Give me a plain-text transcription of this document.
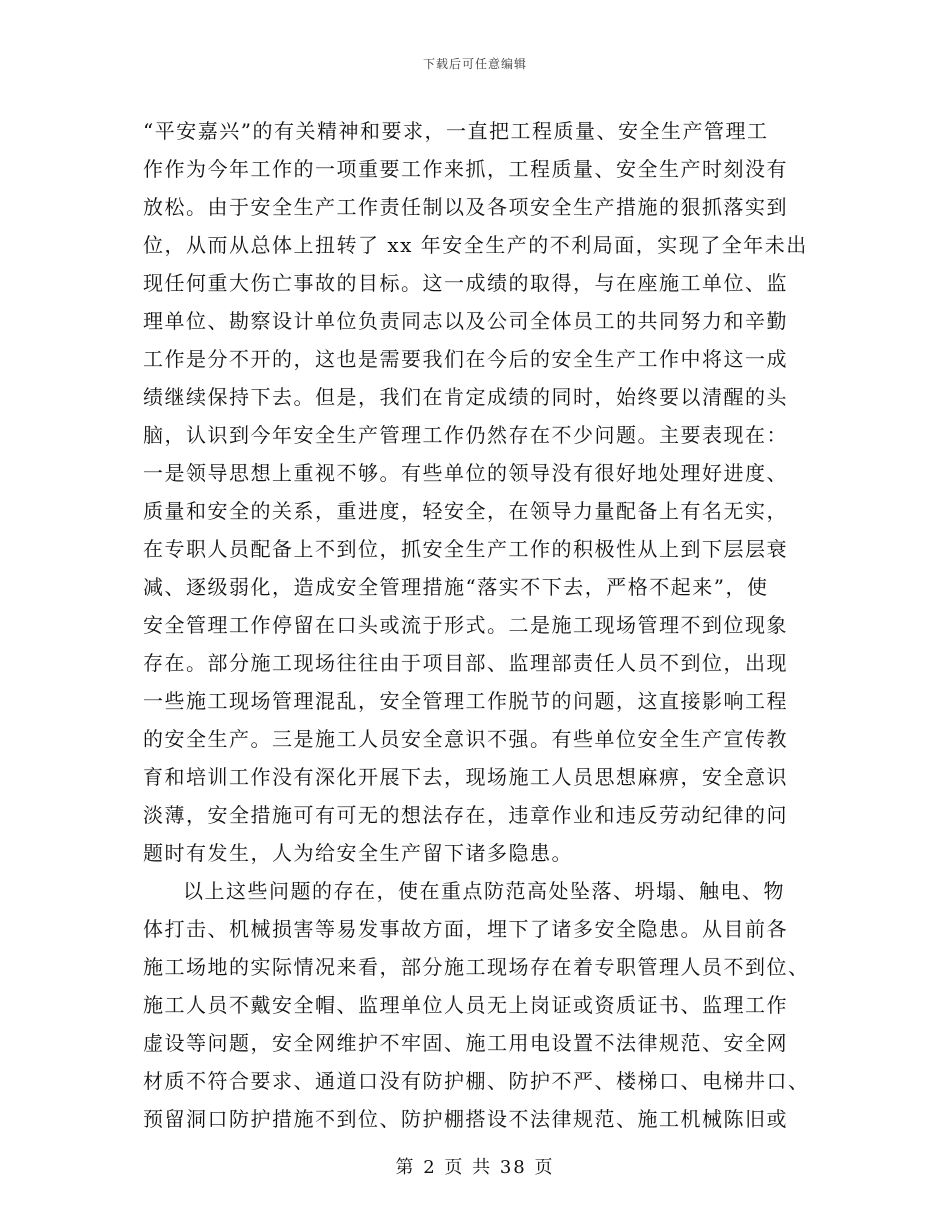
下载后可任意编辑
“平安嘉兴”的有关精神和要求，一直把工程质量、安全生产管理工
作作为今年工作的一项重要工作来抓，工程质量、安全生产时刻没有
放松。由于安全生产工作责任制以及各项安全生产措施的狠抓落实到
位，从而从总体上扭转了 xx 年安全生产的不利局面，实现了全年未出
现任何重大伤亡事故的目标。这一成绩的取得，与在座施工单位、监
理单位、勘察设计单位负责同志以及公司全体员工的共同努力和辛勤
工作是分不开的，这也是需要我们在今后的安全生产工作中将这一成
绩继续保持下去。但是，我们在肯定成绩的同时，始终要以清醒的头
脑，认识到今年安全生产管理工作仍然存在不少问题。主要表现在：
一是领导思想上重视不够。有些单位的领导没有很好地处理好进度、
质量和安全的关系，重进度，轻安全，在领导力量配备上有名无实，
在专职人员配备上不到位，抓安全生产工作的积极性从上到下层层衰
减、逐级弱化，造成安全管理措施“落实不下去，严格不起来”，使
安全管理工作停留在口头或流于形式。二是施工现场管理不到位现象
存在。部分施工现场往往由于项目部、监理部责任人员不到位，出现
一些施工现场管理混乱，安全管理工作脱节的问题，这直接影响工程
的安全生产。三是施工人员安全意识不强。有些单位安全生产宣传教
育和培训工作没有深化开展下去，现场施工人员思想麻痹，安全意识
淡薄，安全措施可有可无的想法存在，违章作业和违反劳动纪律的问
题时有发生，人为给安全生产留下诸多隐患。
以上这些问题的存在，使在重点防范高处坠落、坍塌、触电、物
体打击、机械损害等易发事故方面，埋下了诸多安全隐患。从目前各
施工场地的实际情况来看，部分施工现场存在着专职管理人员不到位、
施工人员不戴安全帽、监理单位人员无上岗证或资质证书、监理工作
虚设等问题，安全网维护不牢固、施工用电设置不法律规范、安全网
材质不符合要求、通道口没有防护棚、防护不严、楼梯口、电梯井口、
预留洞口防护措施不到位、防护棚搭设不法律规范、施工机械陈旧或
第 2 页 共 38 页
